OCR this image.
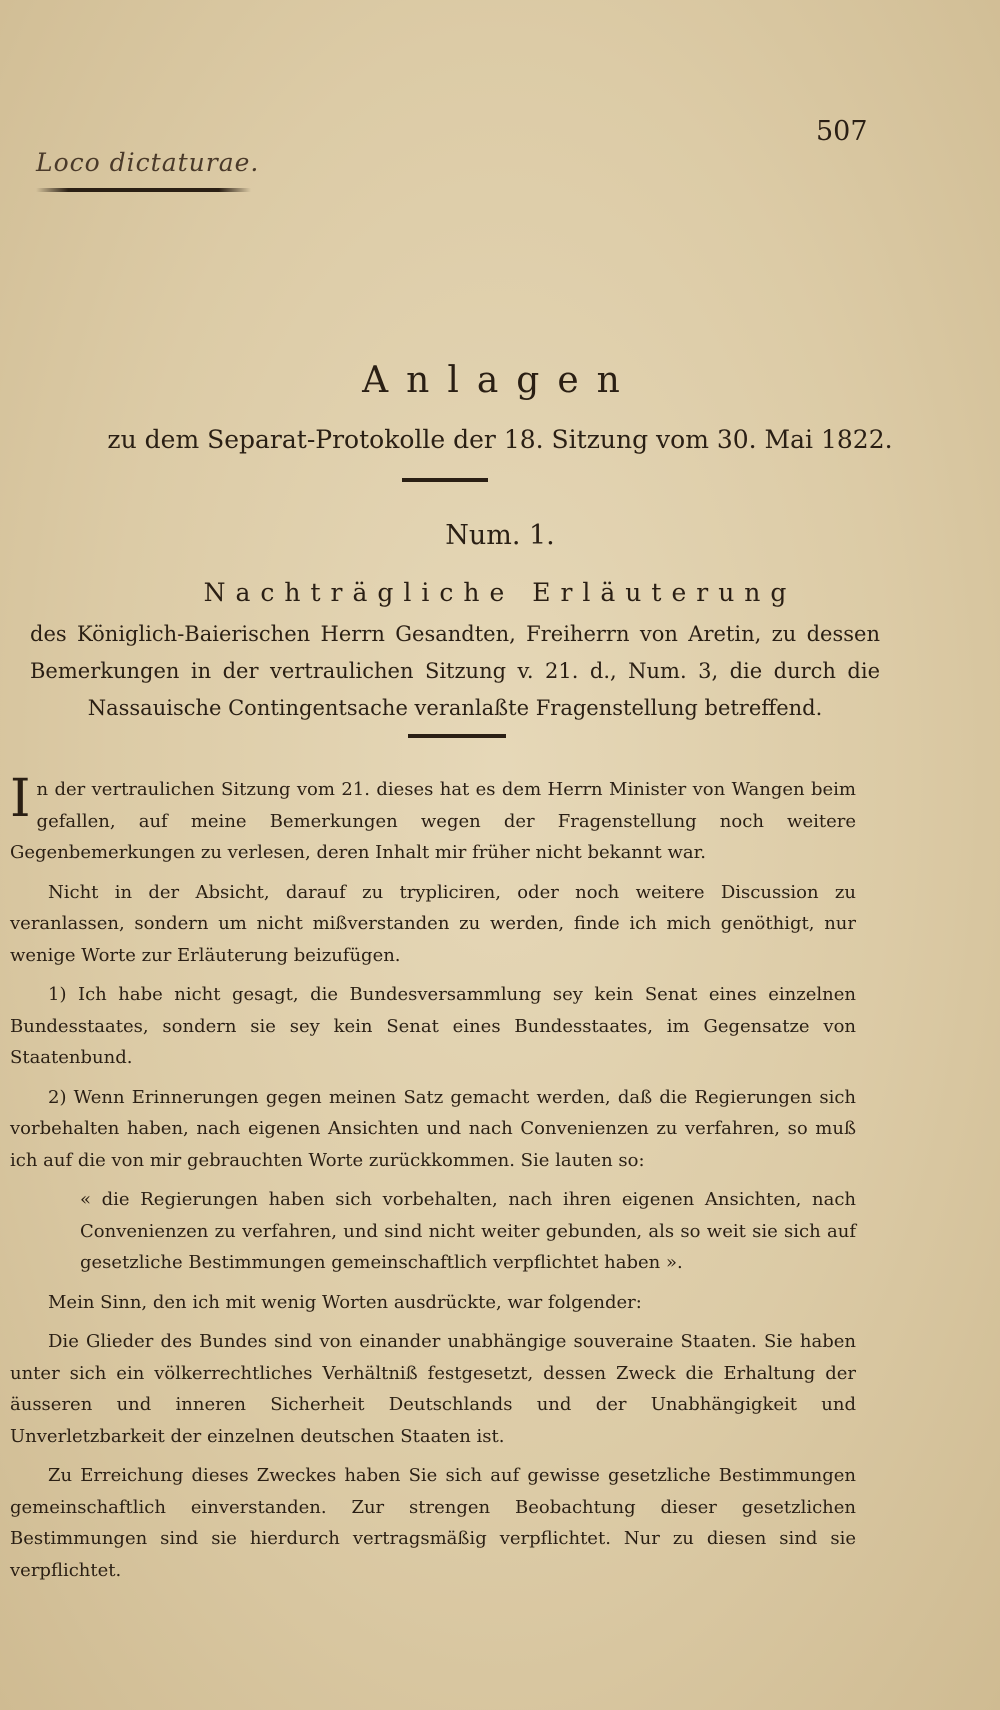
Loco dictaturae.
507
Anlagen
zu dem Separat-Protokolle der 18. Sitzung vom 30. Mai 1822.
Num. 1.
Nachträgliche Erläuterung
des Königlich-Baierischen Herrn Gesandten, Freiherrn von Aretin, zu dessen Bemerkungen in der vertraulichen Sitzung v. 21. d., Num. 3, die durch die Nassauische Contingentsache veranlaßte Fragenstellung betreffend.

In der vertraulichen Sitzung vom 21. dieses hat es dem Herrn Minister von Wangen beim gefallen, auf meine Bemerkungen wegen der Fragenstellung noch weitere Gegenbemerkungen zu verlesen, deren Inhalt mir früher nicht bekannt war.

Nicht in der Absicht, darauf zu trypliciren, oder noch weitere Discussion zu veranlassen, sondern um nicht mißverstanden zu werden, finde ich mich genöthigt, nur wenige Worte zur Erläuterung beizufügen.

1) Ich habe nicht gesagt, die Bundesversammlung sey kein Senat eines einzelnen Bundesstaates, sondern sie sey kein Senat eines Bundesstaates, im Gegensatze von Staatenbund.

2) Wenn Erinnerungen gegen meinen Satz gemacht werden, daß die Regierungen sich vorbehalten haben, nach eigenen Ansichten und nach Convenienzen zu verfahren, so muß ich auf die von mir gebrauchten Worte zurückkommen. Sie lauten so:

« die Regierungen haben sich vorbehalten, nach ihren eigenen Ansichten, nach Convenienzen zu verfahren, und sind nicht weiter gebunden, als so weit sie sich auf gesetzliche Bestimmungen gemeinschaftlich verpflichtet haben ».

Mein Sinn, den ich mit wenig Worten ausdrückte, war folgender:

Die Glieder des Bundes sind von einander unabhängige souveraine Staaten. Sie haben unter sich ein völkerrechtliches Verhältniß festgesetzt, dessen Zweck die Erhaltung der äusseren und inneren Sicherheit Deutschlands und der Unabhängigkeit und Unverletzbarkeit der einzelnen deutschen Staaten ist.

Zu Erreichung dieses Zweckes haben Sie sich auf gewisse gesetzliche Bestimmungen gemeinschaftlich einverstanden. Zur strengen Beobachtung dieser gesetzlichen Bestimmungen sind sie hierdurch vertragsmäßig verpflichtet. Nur zu diesen sind sie verpflichtet.
